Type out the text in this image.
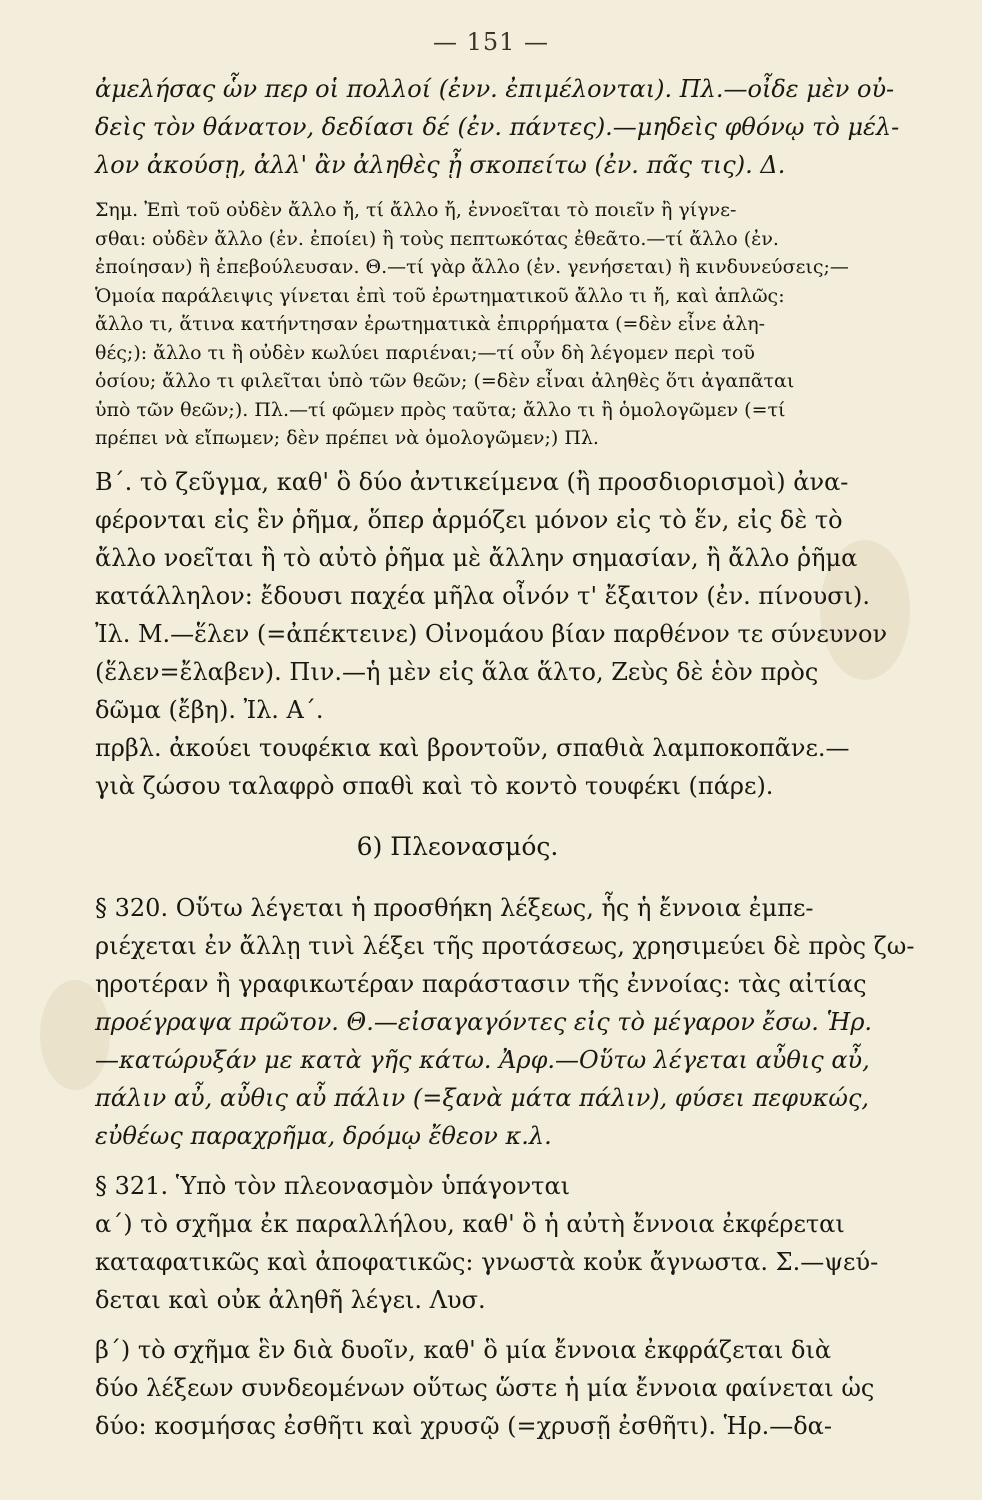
— 151 —
ἀμελήσας ὧν περ οἱ πολλοί (ἐνν. ἐπιμέλονται). Πλ.—οἶδε μὲν οὐ-
δεὶς τὸν θάνατον, δεδίασι δέ (ἐν. πάντες).—μηδεὶς φθόνῳ τὸ μέλ-
λον ἀκούσῃ, ἀλλ' ἂν ἀληθὲς ᾖ σκοπείτω (ἐν. πᾶς τις). Δ.
Σημ. Ἐπὶ τοῦ οὐδὲν ἄλλο ἤ, τί ἄλλο ἤ, ἐννοεῖται τὸ ποιεῖν ἢ γίγνε-
σθαι: οὐδὲν ἄλλο (ἐν. ἐποίει) ἢ τοὺς πεπτωκότας ἐθεᾶτο.—τί ἄλλο (ἐν.
ἐποίησαν) ἢ ἐπεβούλευσαν. Θ.—τί γὰρ ἄλλο (ἐν. γενήσεται) ἢ κινδυνεύσεις;—
Ὁμοία παράλειψις γίνεται ἐπὶ τοῦ ἐρωτηματικοῦ ἄλλο τι ἤ, καὶ ἁπλῶς:
ἄλλο τι, ἅτινα κατήντησαν ἐρωτηματικὰ ἐπιρρήματα (=δὲν εἶνε ἀλη-
θές;): ἄλλο τι ἢ οὐδὲν κωλύει παριέναι;—τί οὖν δὴ λέγομεν περὶ τοῦ
ὁσίου; ἄλλο τι φιλεῖται ὑπὸ τῶν θεῶν; (=δὲν εἶναι ἀληθὲς ὅτι ἀγαπᾶται
ὑπὸ τῶν θεῶν;). Πλ.—τί φῶμεν πρὸς ταῦτα; ἄλλο τι ἢ ὁμολογῶμεν (=τί
πρέπει νὰ εἴπωμεν; δὲν πρέπει νὰ ὁμολογῶμεν;) Πλ.
Β΄. τὸ ζεῦγμα, καθ' ὃ δύο ἀντικείμενα (ἢ προσδιορισμοὶ) ἀνα-
φέρονται εἰς ἓν ῥῆμα, ὅπερ ἁρμόζει μόνον εἰς τὸ ἕν, εἰς δὲ τὸ
ἄλλο νοεῖται ἢ τὸ αὐτὸ ῥῆμα μὲ ἄλλην σημασίαν, ἢ ἄλλο ῥῆμα
κατάλληλον: ἔδουσι παχέα μῆλα οἶνόν τ' ἔξαιτον (ἐν. πίνουσι).
Ἰλ. Μ.—ἕλεν (=ἀπέκτεινε) Οἰνομάου βίαν παρθένον τε σύνευνον
(ἕλεν=ἔλαβεν). Πιν.—ἡ μὲν εἰς ἅλα ἅλτο, Ζεὺς δὲ ἑὸν πρὸς
δῶμα (ἔβη). Ἰλ. Α΄.
πρβλ. ἀκούει τουφέκια καὶ βροντοῦν, σπαθιὰ λαμποκοπᾶνε.—
γιὰ ζώσου ταλαφρὸ σπαθὶ καὶ τὸ κοντὸ τουφέκι (πάρε).
6) Πλεονασμός.
§ 320. Οὕτω λέγεται ἡ προσθήκη λέξεως, ἧς ἡ ἔννοια ἐμπε-
ριέχεται ἐν ἄλλῃ τινὶ λέξει τῆς προτάσεως, χρησιμεύει δὲ πρὸς ζω-
ηροτέραν ἢ γραφικωτέραν παράστασιν τῆς ἐννοίας: τὰς αἰτίας
προέγραψα πρῶτον. Θ.—εἰσαγαγόντες εἰς τὸ μέγαρον ἔσω. Ἡρ.
—κατώρυξάν με κατὰ γῆς κάτω. Ἀρφ.—Οὕτω λέγεται αὖθις αὖ,
πάλιν αὖ, αὖθις αὖ πάλιν (=ξανὰ μάτα πάλιν), φύσει πεφυκώς,
εὐθέως παραχρῆμα, δρόμῳ ἔθεον κ.λ.
§ 321. Ὑπὸ τὸν πλεονασμὸν ὑπάγονται
α΄) τὸ σχῆμα ἐκ παραλλήλου, καθ' ὃ ἡ αὐτὴ ἔννοια ἐκφέρεται
καταφατικῶς καὶ ἀποφατικῶς: γνωστὰ κοὐκ ἄγνωστα. Σ.—ψεύ-
δεται καὶ οὐκ ἀληθῆ λέγει. Λυσ.
β΄) τὸ σχῆμα ἓν διὰ δυοῖν, καθ' ὃ μία ἔννοια ἐκφράζεται διὰ
δύο λέξεων συνδεομένων οὕτως ὥστε ἡ μία ἔννοια φαίνεται ὡς
δύο: κοσμήσας ἐσθῆτι καὶ χρυσῷ (=χρυσῇ ἐσθῆτι). Ἡρ.—δα-
